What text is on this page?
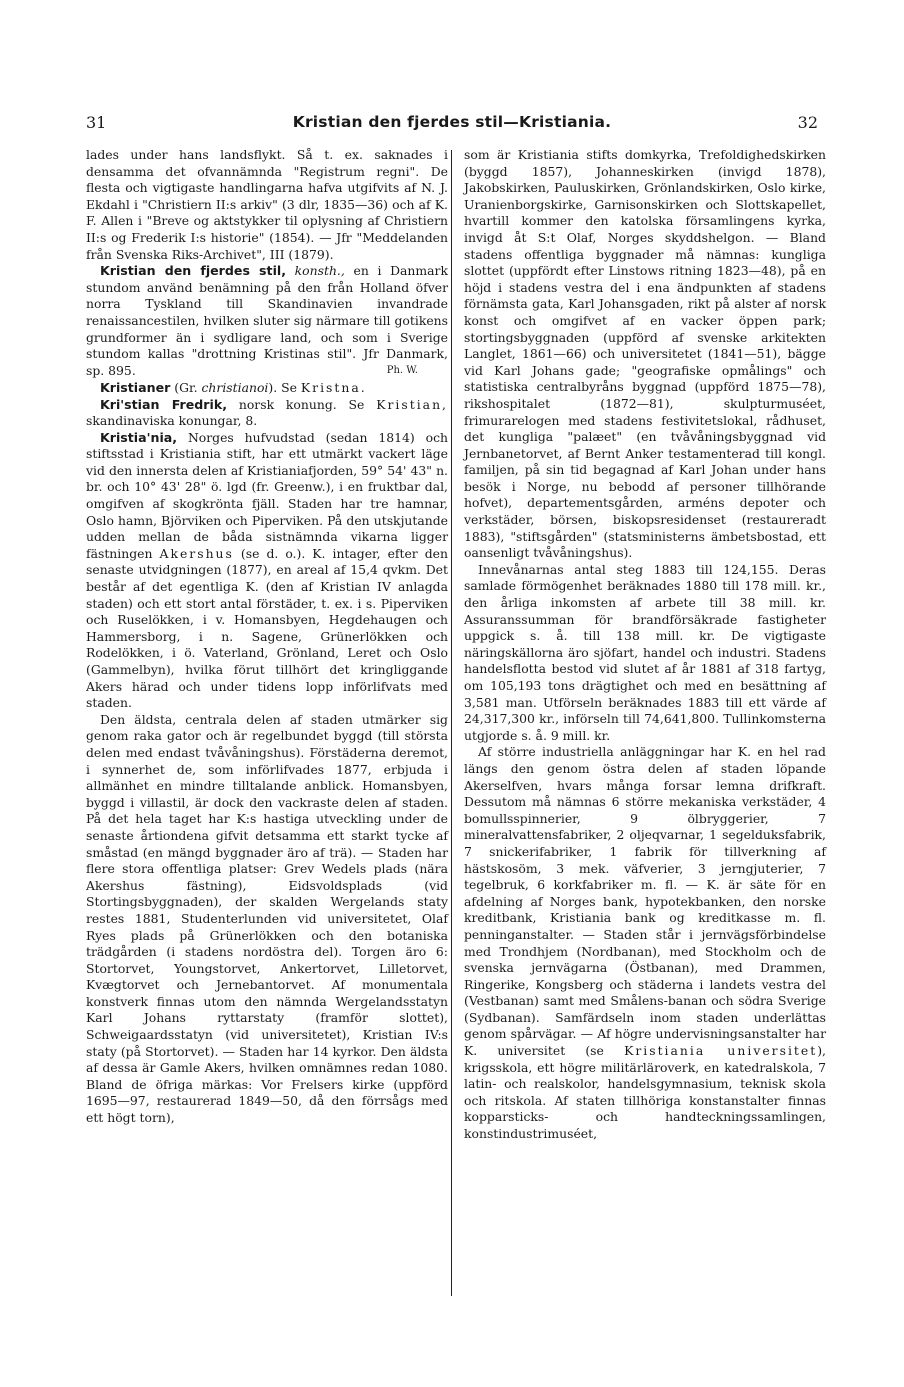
31	Kristian den fjerdes stil—Kristiania.	32

lades under hans landsflykt. Så t. ex. saknades i densamma det ofvannämnda "Registrum regni". De flesta och vigtigaste handlingarna hafva utgifvits af N. J. Ekdahl i "Christiern II:s arkiv" (3 dlr, 1835—36) och af K. F. Allen i "Breve og aktstykker til oplysning af Christiern II:s og Frederik I:s historie" (1854). — Jfr "Meddelanden från Svenska Riks-Archivet", III (1879).

Kristian den fjerdes stil, konsth., en i Danmark stundom använd benämning på den från Holland öfver norra Tyskland till Skandinavien invandrade renaissancestilen, hvilken sluter sig närmare till gotikens grundformer än i sydligare land, och som i Sverige stundom kallas "drottning Kristinas stil". Jfr Danmark, sp. 895.	Ph. W.

Kristianer (Gr. christianoi). Se Kristna.

Kri'stian Fredrik, norsk konung. Se Kristian, skandinaviska konungar, 8.

Kristia'nia, Norges hufvudstad (sedan 1814) och stiftsstad i Kristiania stift, har ett utmärkt vackert läge vid den innersta delen af Kristianiafjorden, 59° 54' 43" n. br. och 10° 43' 28" ö. lgd (fr. Greenw.), i en fruktbar dal, omgifven af skogkrönta fjäll. Staden har tre hamnar, Oslo hamn, Björviken och Piperviken. På den utskjutande udden mellan de båda sistnämnda vikarna ligger fästningen Akershus (se d. o.). K. intager, efter den senaste utvidgningen (1877), en areal af 15,4 qvkm. Det består af det egentliga K. (den af Kristian IV anlagda staden) och ett stort antal förstäder, t. ex. i s. Piperviken och Ruselökken, i v. Homansbyen, Hegdehaugen och Hammersborg, i n. Sagene, Grünerlökken och Rodelökken, i ö. Vaterland, Grönland, Leret och Oslo (Gammelbyn), hvilka förut tillhört det kringliggande Akers härad och under tidens lopp införlifvats med staden.

Den äldsta, centrala delen af staden utmärker sig genom raka gator och är regelbundet byggd (till största delen med endast tvåvåningshus). Förstäderna deremot, i synnerhet de, som införlifvades 1877, erbjuda i allmänhet en mindre tilltalande anblick. Homansbyen, byggd i villastil, är dock den vackraste delen af staden. På det hela taget har K:s hastiga utveckling under de senaste årtiondena gifvit detsamma ett starkt tycke af småstad (en mängd byggnader äro af trä). — Staden har flere stora offentliga platser: Grev Wedels plads (nära Akershus fästning), Eidsvoldsplads (vid Stortingsbyggnaden), der skalden Wergelands staty restes 1881, Studenterlunden vid universitetet, Olaf Ryes plads på Grünerlökken och den botaniska trädgården (i stadens nordöstra del). Torgen äro 6: Stortorvet, Youngstorvet, Ankertorvet, Lilletorvet, Kvægtorvet och Jernebantorvet. Af monumentala konstverk finnas utom den nämnda Wergelandsstatyn Karl Johans ryttarstaty (framför slottet), Schweigaardsstatyn (vid universitetet), Kristian IV:s staty (på Stortorvet). — Staden har 14 kyrkor. Den äldsta af dessa är Gamle Akers, hvilken omnämnes redan 1080. Bland de öfriga märkas: Vor Frelsers kirke (uppförd 1695—97, restaurerad 1849—50, då den förrsågs med ett högt torn),

som är Kristiania stifts domkyrka, Trefoldighedskirken (byggd 1857), Johanneskirken (invigd 1878), Jakobskirken, Pauluskirken, Grönlandskirken, Oslo kirke, Uranienborgskirke, Garnisonskirken och Slottskapellet, hvartill kommer den katolska församlingens kyrka, invigd åt S:t Olaf, Norges skyddshelgon. — Bland stadens offentliga byggnader må nämnas: kungliga slottet (uppfördt efter Linstows ritning 1823—48), på en höjd i stadens vestra del i ena ändpunkten af stadens förnämsta gata, Karl Johansgaden, rikt på alster af norsk konst och omgifvet af en vacker öppen park; stortingsbyggnaden (uppförd af svenske arkitekten Langlet, 1861—66) och universitetet (1841—51), bägge vid Karl Johans gade; "geografiske opmålings" och statistiska centralbyråns byggnad (uppförd 1875—78), rikshospitalet (1872—81), skulpturmuséet, frimurarelogen med stadens festivitetslokal, rådhuset, det kungliga "palæet" (en tvåvåningsbyggnad vid Jernbanetorvet, af Bernt Anker testamenterad till kongl. familjen, på sin tid begagnad af Karl Johan under hans besök i Norge, nu bebodd af personer tillhörande hofvet), departementsgården, arméns depoter och verkstäder, börsen, biskopsresidenset (restaureradt 1883), "stiftsgården" (statsministerns ämbetsbostad, ett oansenligt tvåvåningshus).

Innevånarnas antal steg 1883 till 124,155. Deras samlade förmögenhet beräknades 1880 till 178 mill. kr., den årliga inkomsten af arbete till 38 mill. kr. Assuranssumman för brandförsäkrade fastigheter uppgick s. å. till 138 mill. kr. De vigtigaste näringskällorna äro sjöfart, handel och industri. Stadens handelsflotta bestod vid slutet af år 1881 af 318 fartyg, om 105,193 tons drägtighet och med en besättning af 3,581 man. Utförseln beräknades 1883 till ett värde af 24,317,300 kr., införseln till 74,641,800. Tullinkomsterna utgjorde s. å. 9 mill. kr.

Af större industriella anläggningar har K. en hel rad längs den genom östra delen af staden löpande Akerselfven, hvars många forsar lemna drifkraft. Dessutom må nämnas 6 större mekaniska verkstäder, 4 bomullsspinnerier, 9 ölbryggerier, 7 mineralvattensfabriker, 2 oljeqvarnar, 1 segelduksfabrik, 7 snickerifabriker, 1 fabrik för tillverkning af hästskosöm, 3 mek. väfverier, 3 jerngjuterier, 7 tegelbruk, 6 korkfabriker m. fl. — K. är säte för en afdelning af Norges bank, hypotekbanken, den norske kreditbank, Kristiania bank og kreditkasse m. fl. penninganstalter. — Staden står i jernvägsförbindelse med Trondhjem (Nordbanan), med Stockholm och de svenska jernvägarna (Östbanan), med Drammen, Ringerike, Kongsberg och städerna i landets vestra del (Vestbanan) samt med Smålens-banan och södra Sverige (Sydbanan). Samfärdseln inom staden underlättas genom spårvägar. — Af högre undervisningsanstalter har K. universitet (se Kristiania universitet), krigsskola, ett högre militärläroverk, en katedralskola, 7 latin- och realskolor, handelsgymnasium, teknisk skola och ritskola. Af staten tillhöriga konstanstalter finnas kopparsticks- och handteckningssamlingen, konstindustrimuséet,
